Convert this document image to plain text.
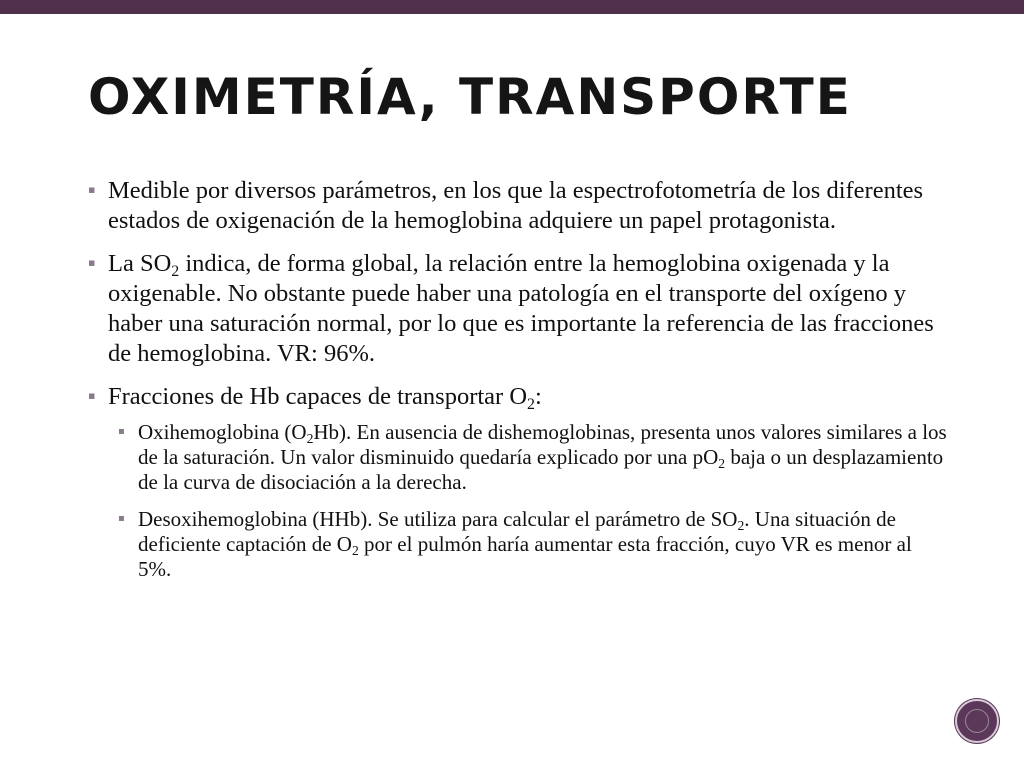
OXIMETRÍA, TRANSPORTE
▪ Medible por diversos parámetros, en los que la espectrofotometría de los diferentes estados de oxigenación de la hemoglobina adquiere un papel protagonista.
▪ La $SO_2$ indica, de forma global, la relación entre la hemoglobina oxigenada y la oxigenable. No obstante puede haber una patología en el transporte del oxígeno y haber una saturación normal, por lo que es importante la referencia de las fracciones de hemoglobina. VR: 96%.
▪ Fracciones de Hb capaces de transportar $O_2$:
▪ Oxihemoglobina $(O_2Hb)$. En ausencia de dishemoglobinas, presenta unos valores similares a los de la saturación. Un valor disminuido quedaría explicado por una $pO_2$ baja o un desplazamiento de la curva de disociación a la derecha.
▪ Desoxihemoglobina (HHb). Se utiliza para calcular el parámetro de $SO_2$. Una situación de deficiente captación de $O_2$ por el pulmón haría aumentar esta fracción, cuyo VR es menor al 5%.
